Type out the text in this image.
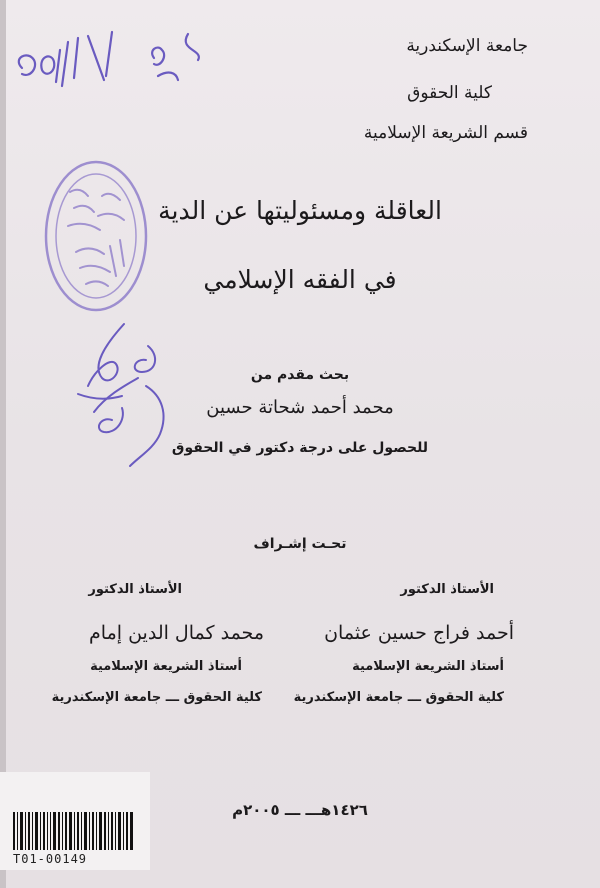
جامعة الإسكندرية
كلية الحقوق
قسم الشريعة الإسلامية
العاقلة ومسئوليتها عن الدية
في الفقه الإسلامي
بحث مقدم من
محمد أحمد شحاتة حسين
للحصول على درجة دكتور في الحقوق
تحـت إشـراف
الأستاذ الدكتور
الأستاذ الدكتور
أحمد فراج حسين عثمان
محمد كمال الدين إمام
أستاذ الشريعة الإسلامية
أستاذ الشريعة الإسلامية
كلية الحقوق ـــ جامعة الإسكندرية
كلية الحقوق ـــ جامعة الإسكندرية
١٤٢٦هـــ ـــ ٢٠٠٥م
T01-00149
